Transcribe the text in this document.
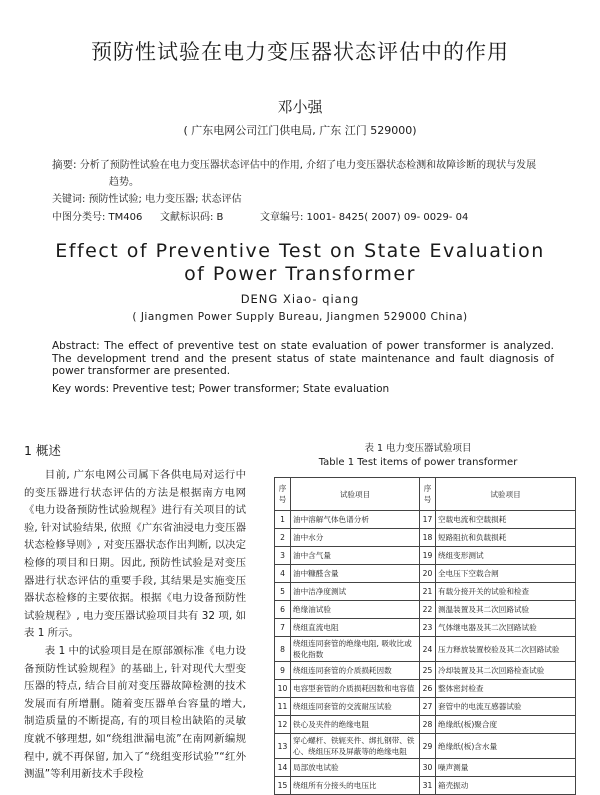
预防性试验在电力变压器状态评估中的作用
邓小强
( 广东电网公司江门供电局, 广东 江门 529000)
摘要: 分析了预防性试验在电力变压器状态评估中的作用, 介绍了电力变压器状态检测和故障诊断的现状与发展
趋势。
关键词: 预防性试验; 电力变压器; 状态评估
中图分类号: TM406 文献标识码: B	文章编号: 1001- 8425( 2007) 09- 0029- 04
Effect of Preventive Test on State Evaluation
of Power Transformer
DENG Xiao- qiang
( Jiangmen Power Supply Bureau, Jiangmen 529000 China)
Abstract: The effect of preventive test on state evaluation of power transformer is analyzed. The development trend and the present status of state maintenance and fault diagnosis of power transformer are presented.
Key words: Preventive test; Power transformer; State evaluation
1 概述

目前, 广东电网公司属下各供电局对运行中的变压器进行状态评估的方法是根据南方电网《电力设备预防性试验规程》进行有关项目的试验, 针对试验结果, 依照《广东省油浸电力变压器状态检修导则》, 对变压器状态作出判断, 以决定检修的项目和日期。因此, 预防性试验是对变压器进行状态评估的重要手段, 其结果是实施变压器状态检修的主要依据。根据《电力设备预防性试验规程》, 电力变压器试验项目共有 32 项, 如表 1 所示。

表 1 中的试验项目是在原部颁标准《电力设备预防性试验规程》的基础上, 针对现代大型变压器的特点, 结合目前对变压器故障检测的技术发展而有所增删。随着变压器单台容量的增大, 制造质量的不断提高, 有的项目检出缺陷的灵敏度就不够理想, 如“绕组泄漏电流”在南网新编规程中, 就不再保留, 加入了“绕组变形试验”“红外测温”等利用新技术手段检

表 1 电力变压器试验项目
Table 1 Test items of power transformer
序号	试验项目	序号	试验项目
1	油中溶解气体色谱分析	17	空载电流和空载损耗
2	油中水分	18	短路阻抗和负载损耗
3	油中含气量	19	绕组变形测试
4	油中糠醛含量	20	全电压下空载合闸
5	油中洁净度测试	21	有载分接开关的试验和检查
6	绝缘油试验	22	测温装置及其二次回路试验
7	绕组直流电阻	23	气体继电器及其二次回路试验
8	绕组连同套管的绝缘电阻, 吸收比或极化指数	24	压力释放装置校验及其二次回路试验
9	绕组连同套管的介质损耗因数	25	冷却装置及其二次回路检查试验
10	电容型套管的介质损耗因数和电容值	26	整体密封检查
11	绕组连同套管的交流耐压试验	27	套管中的电流互感器试验
12	铁心及夹件的绝缘电阻	28	绝缘纸(板)聚合度
13	穿心螺杆、铁轭夹件、绑扎钢带、铁心、绕组压环及屏蔽等的绝缘电阻	29	绝缘纸(板)含水量
14	局部放电试验	30	噪声测量
15	绕组所有分接头的电压比	31	箱壳振动
